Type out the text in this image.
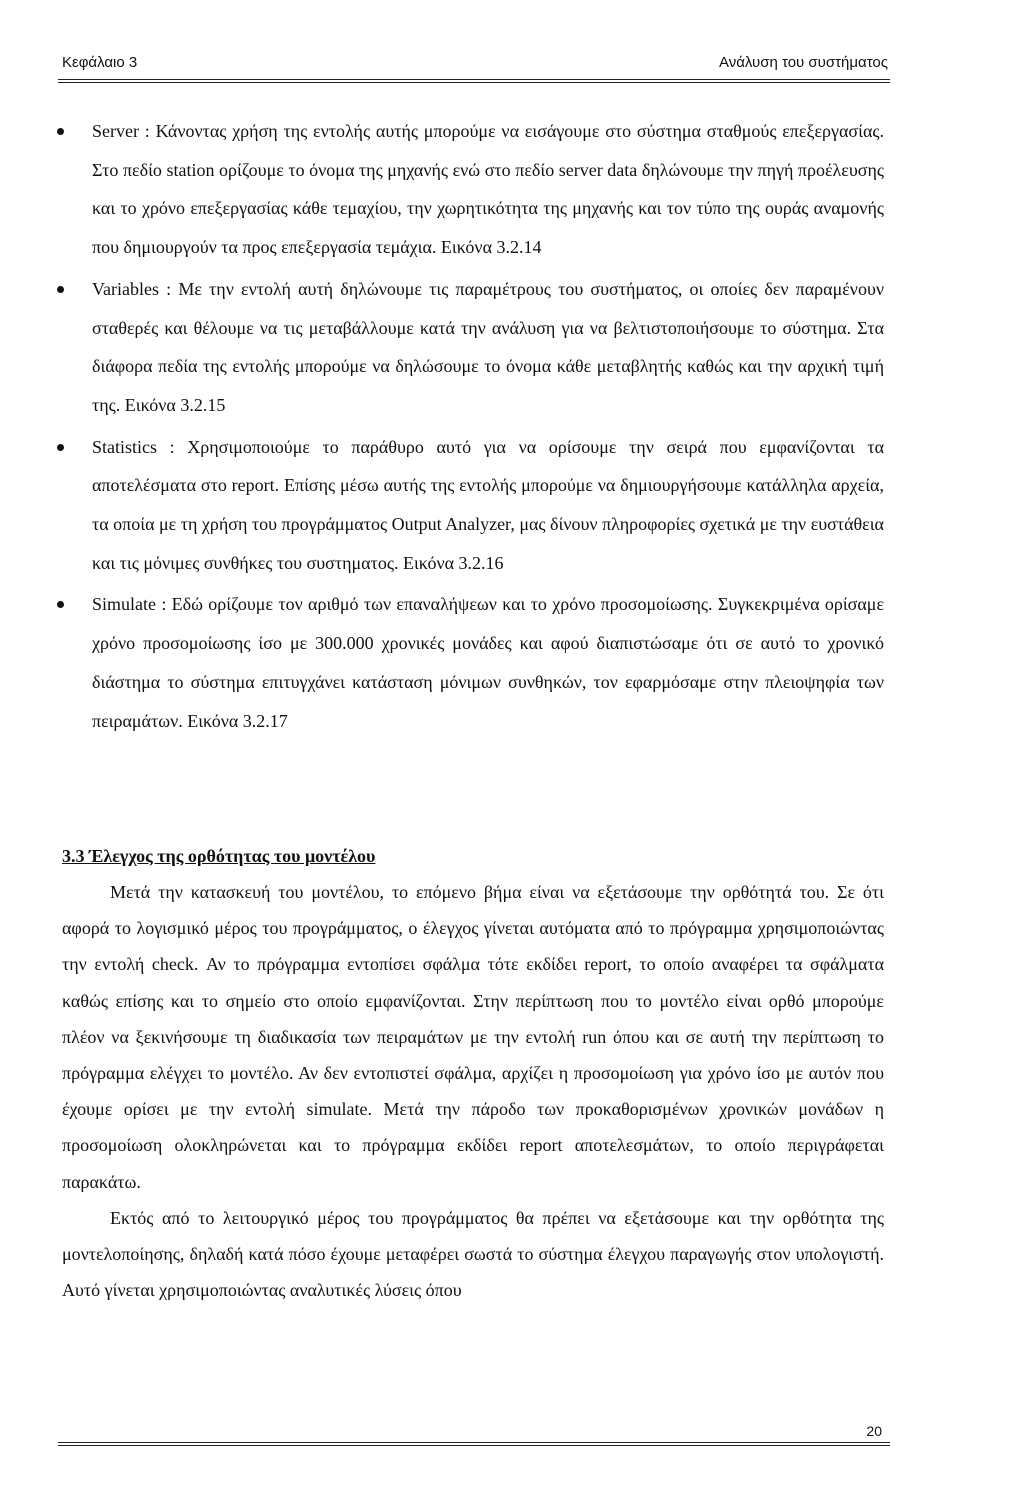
Κεφάλαιο 3	Ανάλυση του συστήματος
Server : Κάνοντας χρήση της εντολής αυτής μπορούμε να εισάγουμε στο σύστημα σταθμούς επεξεργασίας. Στο πεδίο station ορίζουμε το όνομα της μηχανής ενώ στο πεδίο server data δηλώνουμε την πηγή προέλευσης και το χρόνο επεξεργασίας κάθε τεμαχίου, την χωρητικότητα της μηχανής και τον τύπο της ουράς αναμονής που δημιουργούν τα προς επεξεργασία τεμάχια. Εικόνα 3.2.14
Variables : Με την εντολή αυτή δηλώνουμε τις παραμέτρους του συστήματος, οι οποίες δεν παραμένουν σταθερές και θέλουμε να τις μεταβάλλουμε κατά την ανάλυση για να βελτιστοποιήσουμε το σύστημα. Στα διάφορα πεδία της εντολής μπορούμε να δηλώσουμε το όνομα κάθε μεταβλητής καθώς και την αρχική τιμή της. Εικόνα 3.2.15
Statistics : Χρησιμοποιούμε το παράθυρο αυτό για να ορίσουμε την σειρά που εμφανίζονται τα αποτελέσματα στο report. Επίσης μέσω αυτής της εντολής μπορούμε να δημιουργήσουμε κατάλληλα αρχεία, τα οποία με τη χρήση του προγράμματος Output Analyzer, μας δίνουν πληροφορίες σχετικά με την ευστάθεια και τις μόνιμες συνθήκες του συστηματος. Εικόνα 3.2.16
Simulate : Εδώ ορίζουμε τον αριθμό των επαναλήψεων και το χρόνο προσομοίωσης. Συγκεκριμένα ορίσαμε χρόνο προσομοίωσης ίσο με 300.000 χρονικές μονάδες και αφού διαπιστώσαμε ότι σε αυτό το χρονικό διάστημα το σύστημα επιτυγχάνει κατάσταση μόνιμων συνθηκών, τον εφαρμόσαμε στην πλειοψηφία των πειραμάτων. Εικόνα 3.2.17
3.3 Έλεγχος της ορθότητας του μοντέλου

Μετά την κατασκευή του μοντέλου, το επόμενο βήμα είναι να εξετάσουμε την ορθότητά του. Σε ότι αφορά το λογισμικό μέρος του προγράμματος, ο έλεγχος γίνεται αυτόματα από το πρόγραμμα χρησιμοποιώντας την εντολή check. Αν το πρόγραμμα εντοπίσει σφάλμα τότε εκδίδει report, το οποίο αναφέρει τα σφάλματα καθώς επίσης και το σημείο στο οποίο εμφανίζονται. Στην περίπτωση που το μοντέλο είναι ορθό μπορούμε πλέον να ξεκινήσουμε τη διαδικασία των πειραμάτων με την εντολή run όπου και σε αυτή την περίπτωση το πρόγραμμα ελέγχει το μοντέλο. Αν δεν εντοπιστεί σφάλμα, αρχίζει η προσομοίωση για χρόνο ίσο με αυτόν που έχουμε ορίσει με την εντολή simulate. Μετά την πάροδο των προκαθορισμένων χρονικών μονάδων η προσομοίωση ολοκληρώνεται και το πρόγραμμα εκδίδει report αποτελεσμάτων, το οποίο περιγράφεται παρακάτω.

Εκτός από το λειτουργικό μέρος του προγράμματος θα πρέπει να εξετάσουμε και την ορθότητα της μοντελοποίησης, δηλαδή κατά πόσο έχουμε μεταφέρει σωστά το σύστημα έλεγχου παραγωγής στον υπολογιστή. Αυτό γίνεται χρησιμοποιώντας αναλυτικές λύσεις όπου

20
